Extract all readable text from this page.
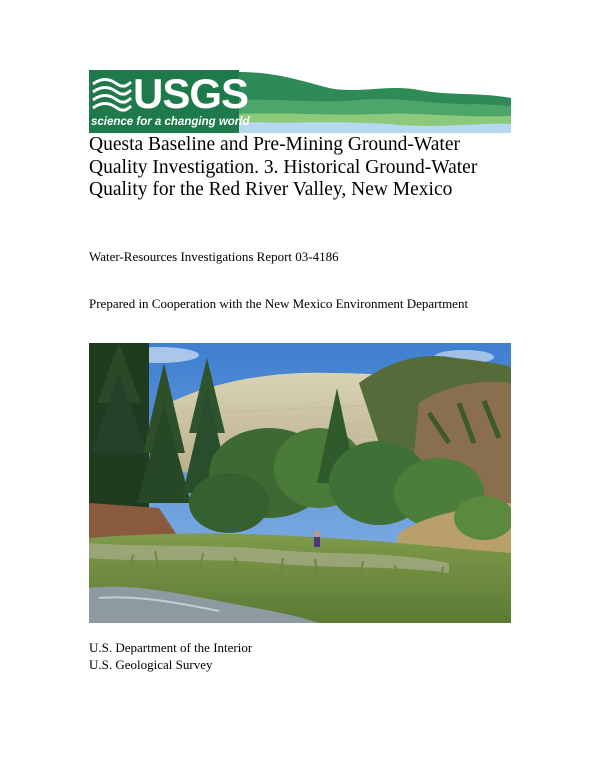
USGS
science for a changing world
Questa Baseline and Pre-Mining Ground-Water Quality Investigation. 3. Historical Ground-Water Quality for the Red River Valley, New Mexico

Water-Resources Investigations Report 03-4186

Prepared in Cooperation with the New Mexico Environment Department

U.S. Department of the Interior
U.S. Geological Survey
